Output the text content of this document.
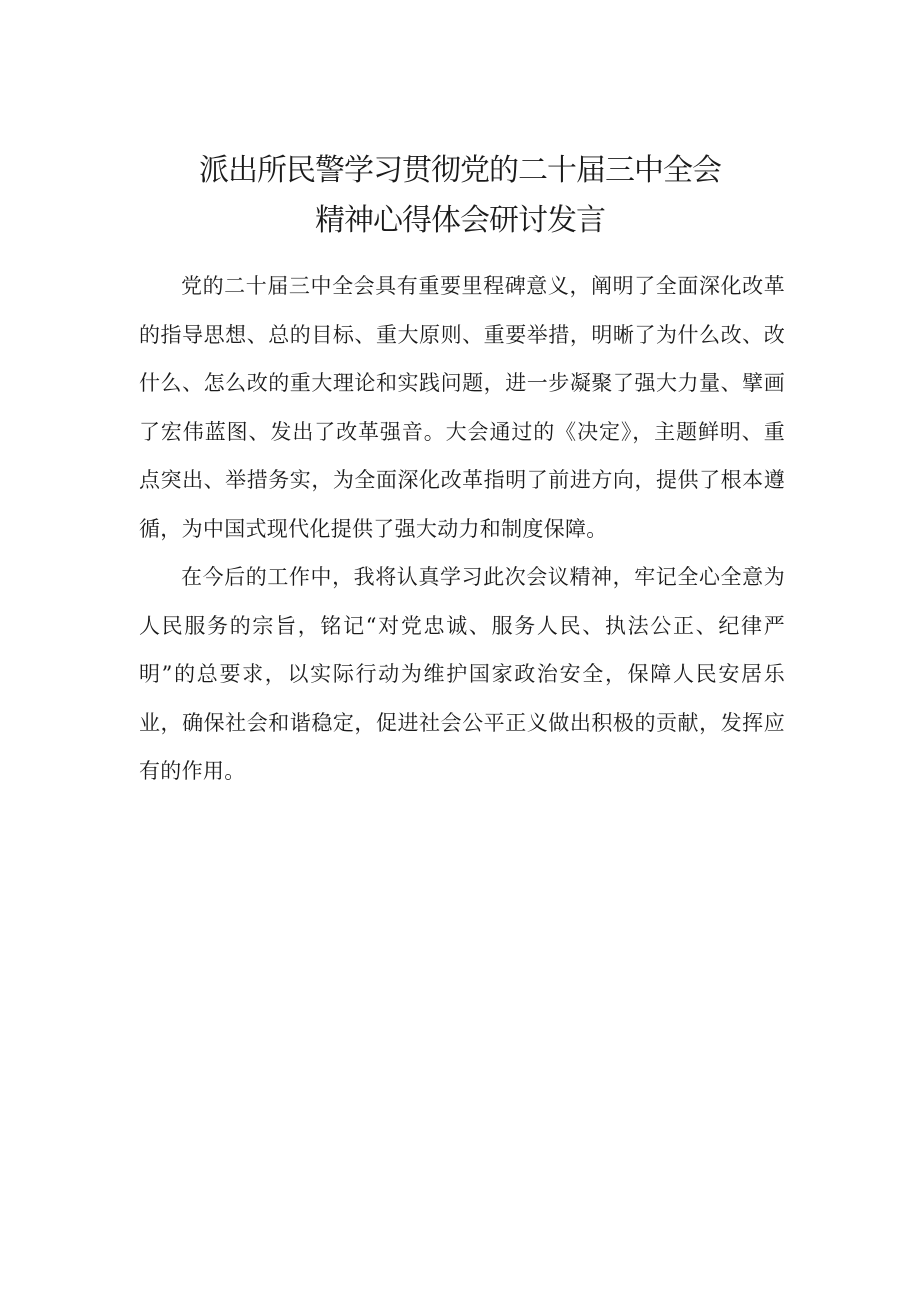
派出所民警学习贯彻党的二十届三中全会
精神心得体会研讨发言

党的二十届三中全会具有重要里程碑意义，阐明了全面深化改革的指导思想、总的目标、重大原则、重要举措，明晰了为什么改、改什么、怎么改的重大理论和实践问题，进一步凝聚了强大力量、擘画了宏伟蓝图、发出了改革强音。大会通过的《决定》，主题鲜明、重点突出、举措务实，为全面深化改革指明了前进方向，提供了根本遵循，为中国式现代化提供了强大动力和制度保障。

在今后的工作中，我将认真学习此次会议精神，牢记全心全意为人民服务的宗旨，铭记“对党忠诚、服务人民、执法公正、纪律严明”的总要求，以实际行动为维护国家政治安全，保障人民安居乐业，确保社会和谐稳定，促进社会公平正义做出积极的贡献，发挥应有的作用。
